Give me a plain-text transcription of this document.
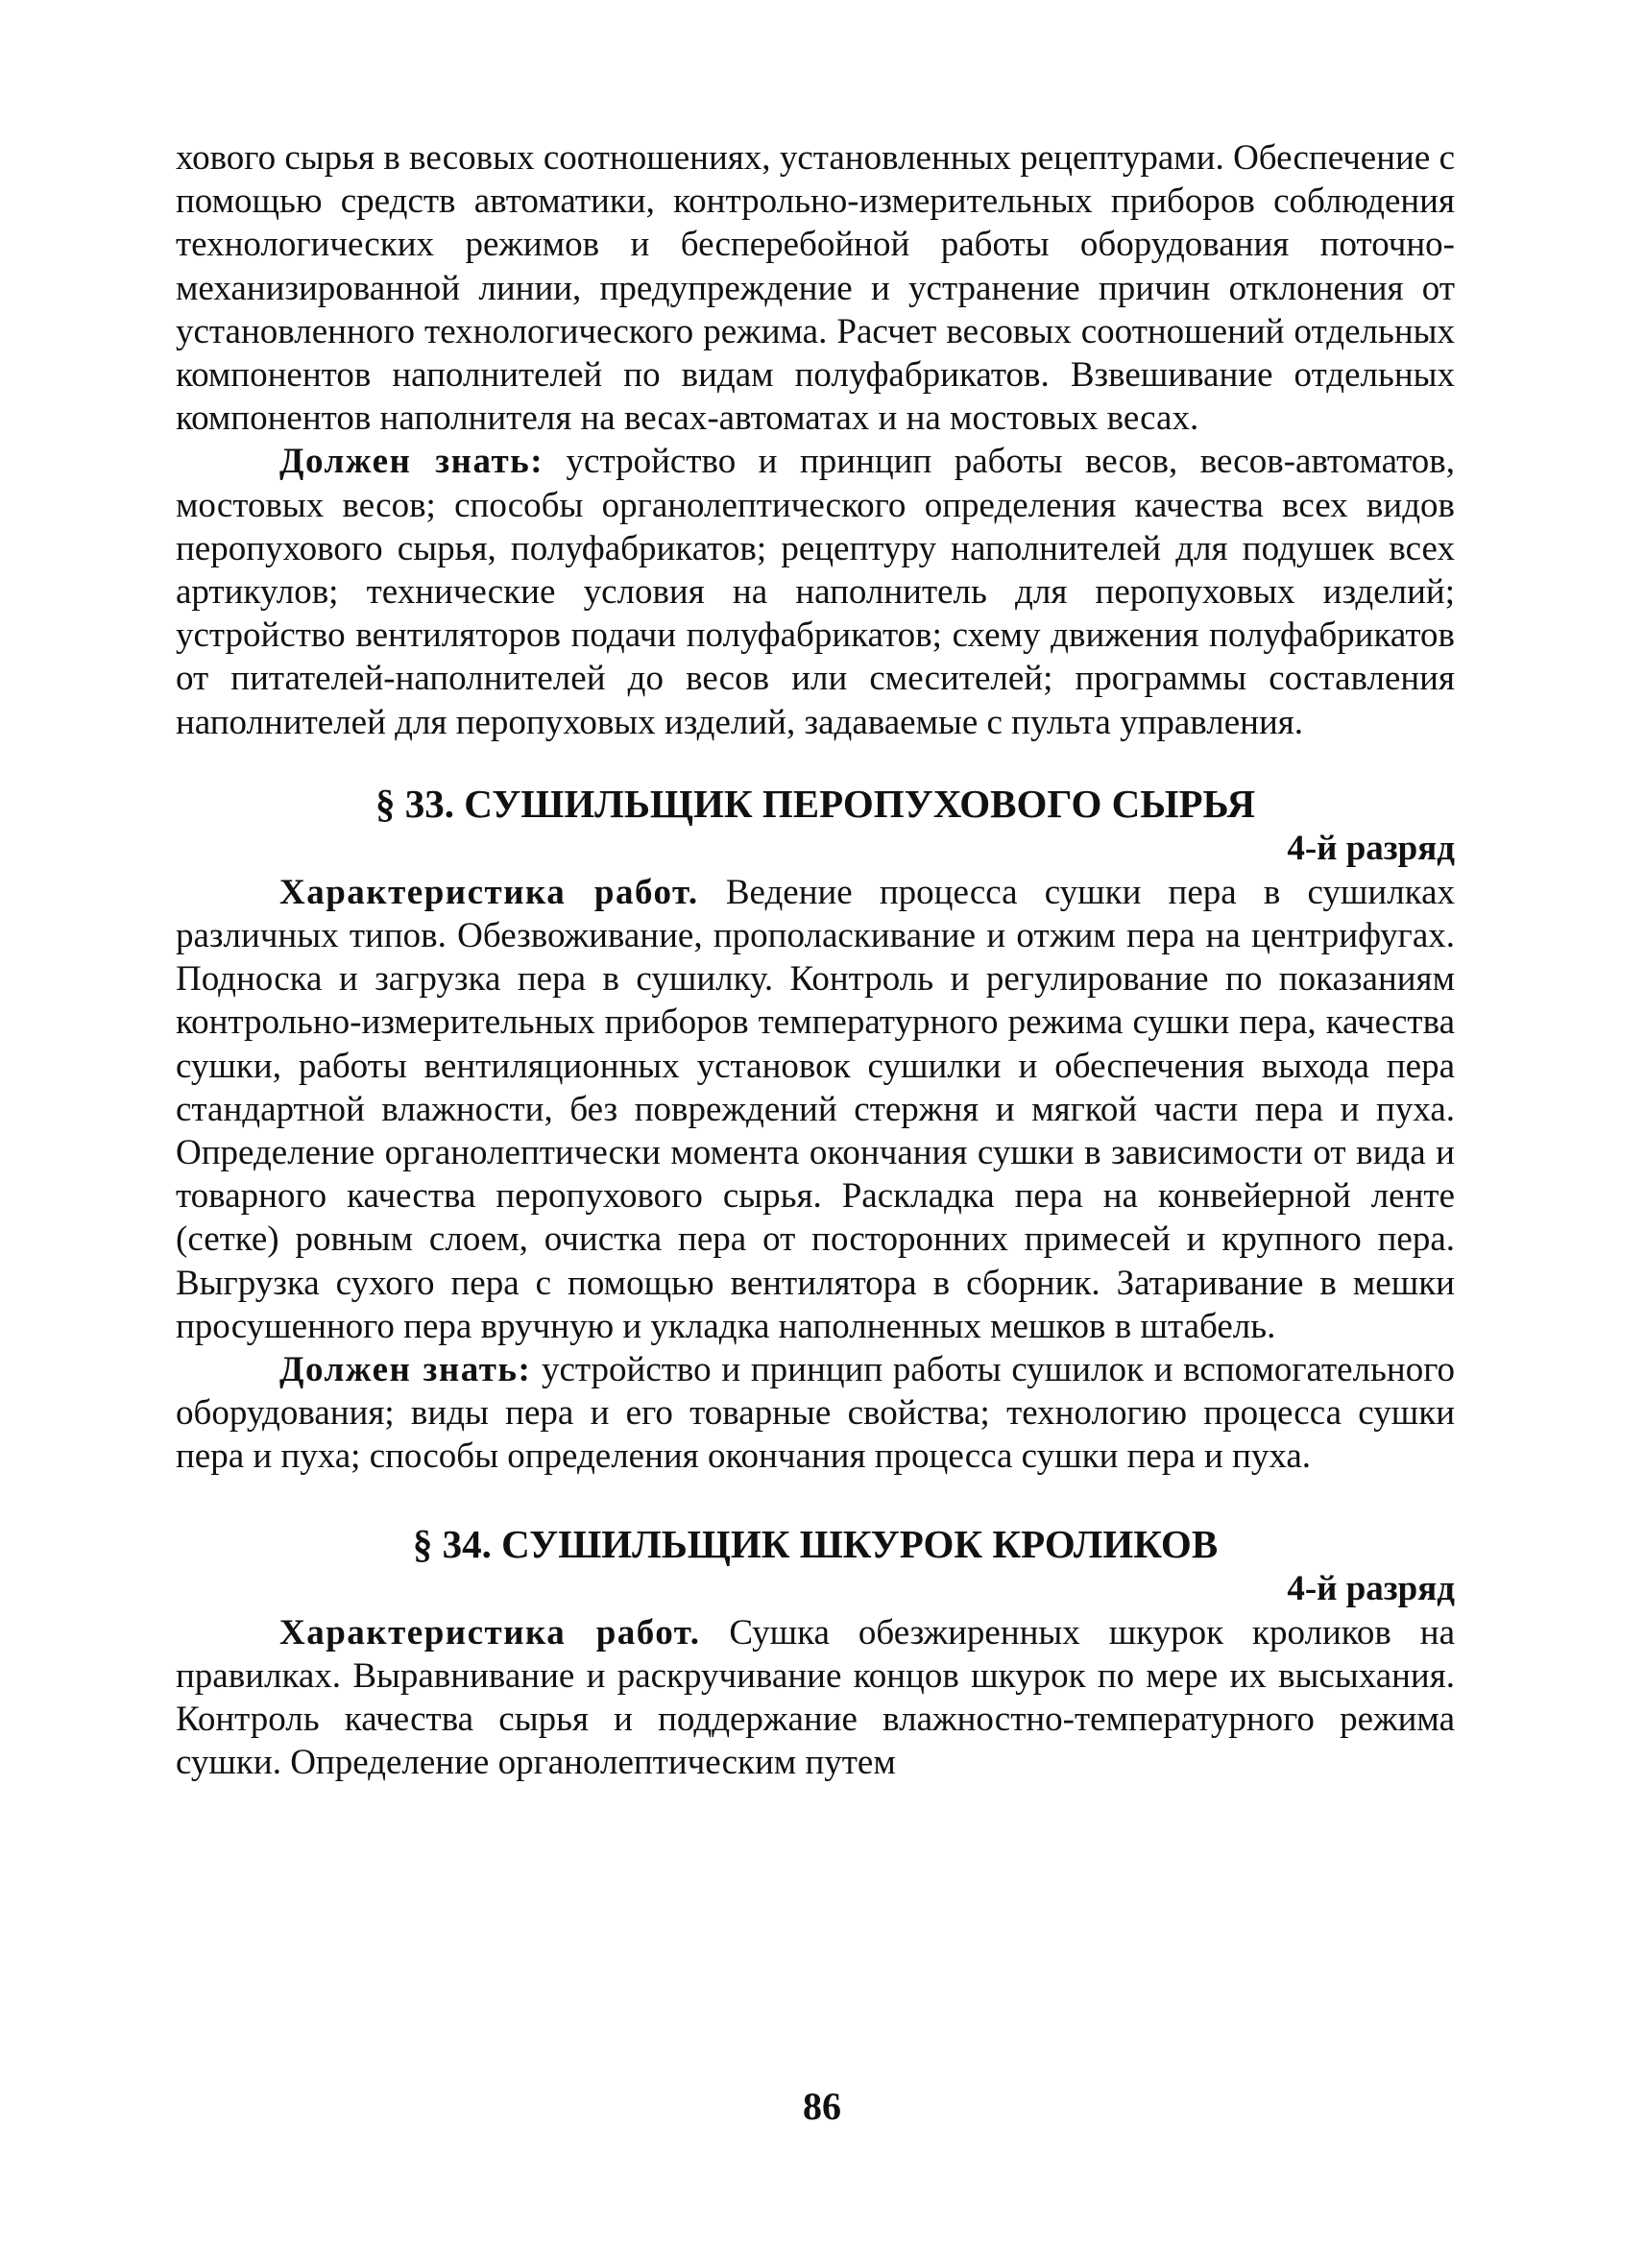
хового сырья в весовых соотношениях, установленных рецептурами. Обеспечение с помощью средств автоматики, контрольно-измерительных приборов соблюдения технологических режимов и бесперебойной работы оборудования поточно-механизированной линии, предупреждение и устранение причин отклонения от установленного технологического режима. Расчет весовых соотношений отдельных компонентов наполнителей по видам полуфабрикатов. Взвешивание отдельных компонентов наполнителя на весах-автоматах и на мостовых весах.

Должен знать: устройство и принцип работы весов, весов-автоматов, мостовых весов; способы органолептического определения качества всех видов перопухового сырья, полуфабрикатов; рецептуру наполнителей для подушек всех артикулов; технические условия на наполнитель для перопуховых изделий; устройство вентиляторов подачи полуфабрикатов; схему движения полуфабрикатов от питателей-наполнителей до весов или смесителей; программы составления наполнителей для перопуховых изделий, задаваемые с пульта управления.

§ 33. СУШИЛЬЩИК ПЕРОПУХОВОГО СЫРЬЯ

4-й разряд

Характеристика работ. Ведение процесса сушки пера в сушилках различных типов. Обезвоживание, прополаскивание и отжим пера на центрифугах. Подноска и загрузка пера в сушилку. Контроль и регулирование по показаниям контрольно-измерительных приборов температурного режима сушки пера, качества сушки, работы вентиляционных установок сушилки и обеспечения выхода пера стандартной влажности, без повреждений стержня и мягкой части пера и пуха. Определение органолептически момента окончания сушки в зависимости от вида и товарного качества перопухового сырья. Раскладка пера на конвейерной ленте (сетке) ровным слоем, очистка пера от посторонних примесей и крупного пера. Выгрузка сухого пера с помощью вентилятора в сборник. Затаривание в мешки просушенного пера вручную и укладка наполненных мешков в штабель.

Должен знать: устройство и принцип работы сушилок и вспомогательного оборудования; виды пера и его товарные свойства; технологию процесса сушки пера и пуха; способы определения окончания процесса сушки пера и пуха.

§ 34. СУШИЛЬЩИК ШКУРОК КРОЛИКОВ

4-й разряд

Характеристика работ. Сушка обезжиренных шкурок кроликов на правилках. Выравнивание и раскручивание концов шкурок по мере их высыхания. Контроль качества сырья и поддержание влажностно-температурного режима сушки. Определение органолептическим путем

86
